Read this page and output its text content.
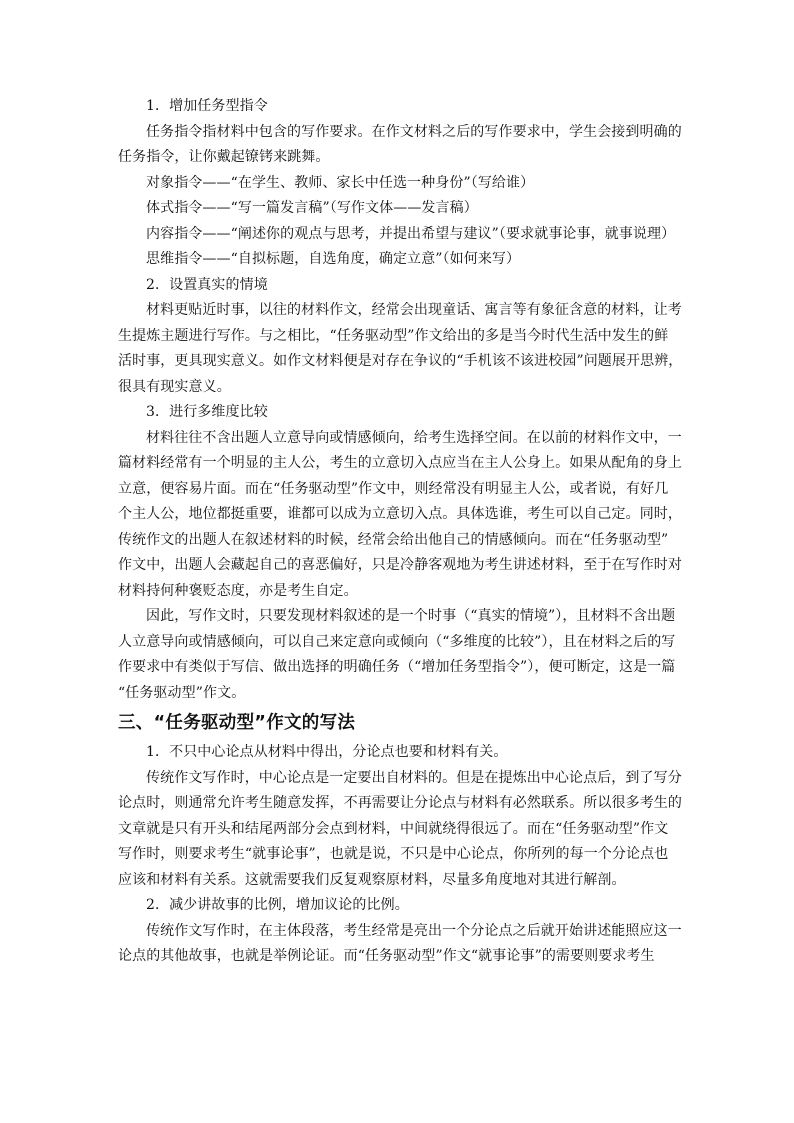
1．增加任务型指令

任务指令指材料中包含的写作要求。在作文材料之后的写作要求中，学生会接到明确的

任务指令，让你戴起镣铐来跳舞。

对象指令——“在学生、教师、家长中任选一种身份”（写给谁）

体式指令——“写一篇发言稿”（写作文体——发言稿）

内容指令——“阐述你的观点与思考，并提出希望与建议”（要求就事论事，就事说理）

思维指令——“自拟标题，自选角度，确定立意”（如何来写）

2．设置真实的情境

材料更贴近时事，以往的材料作文，经常会出现童话、寓言等有象征含意的材料，让考

生提炼主题进行写作。与之相比，“任务驱动型”作文给出的多是当今时代生活中发生的鲜

活时事，更具现实意义。如作文材料便是对存在争议的“手机该不该进校园”问题展开思辨，

很具有现实意义。

3．进行多维度比较

材料往往不含出题人立意导向或情感倾向，给考生选择空间。在以前的材料作文中，一

篇材料经常有一个明显的主人公，考生的立意切入点应当在主人公身上。如果从配角的身上

立意，便容易片面。而在“任务驱动型”作文中，则经常没有明显主人公，或者说，有好几

个主人公，地位都挺重要，谁都可以成为立意切入点。具体选谁，考生可以自己定。同时，

传统作文的出题人在叙述材料的时候，经常会给出他自己的情感倾向。而在“任务驱动型”

作文中，出题人会藏起自己的喜恶偏好，只是冷静客观地为考生讲述材料，至于在写作时对

材料持何种褒贬态度，亦是考生自定。

因此，写作文时，只要发现材料叙述的是一个时事（“真实的情境”），且材料不含出题

人立意导向或情感倾向，可以自己来定意向或倾向（“多维度的比较”），且在材料之后的写

作要求中有类似于写信、做出选择的明确任务（“增加任务型指令”），便可断定，这是一篇

“任务驱动型”作文。

三、“任务驱动型”作文的写法

1．不只中心论点从材料中得出，分论点也要和材料有关。

传统作文写作时，中心论点是一定要出自材料的。但是在提炼出中心论点后，到了写分

论点时，则通常允许考生随意发挥，不再需要让分论点与材料有必然联系。所以很多考生的

文章就是只有开头和结尾两部分会点到材料，中间就绕得很远了。而在“任务驱动型”作文

写作时，则要求考生“就事论事”，也就是说，不只是中心论点，你所列的每一个分论点也

应该和材料有关系。这就需要我们反复观察原材料，尽量多角度地对其进行解剖。

2．减少讲故事的比例，增加议论的比例。

传统作文写作时，在主体段落，考生经常是亮出一个分论点之后就开始讲述能照应这一

论点的其他故事，也就是举例论证。而“任务驱动型”作文“就事论事”的需要则要求考生
